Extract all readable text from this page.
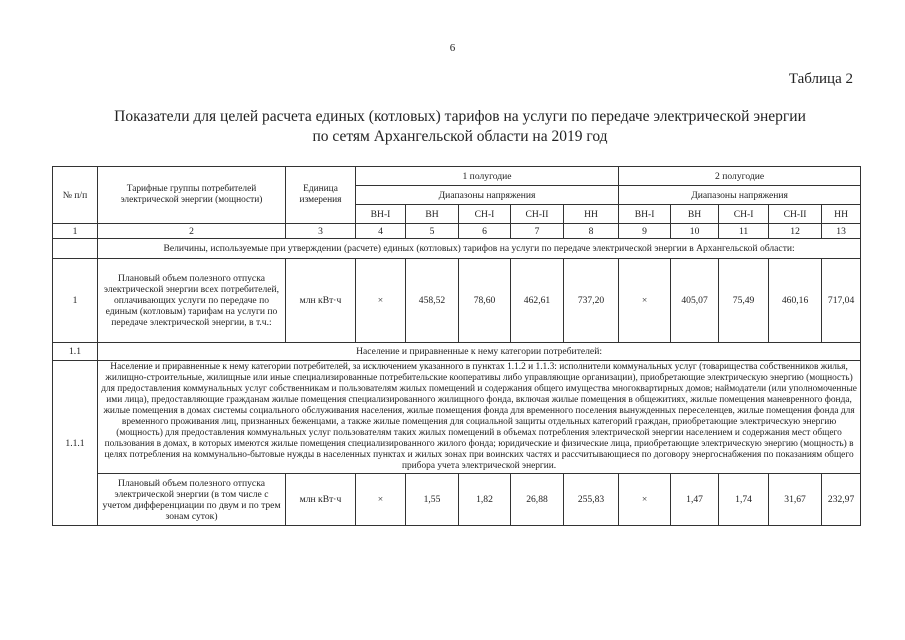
6
Таблица 2
Показатели для целей расчета единых (котловых) тарифов на услуги по передаче электрической энергии
по сетям Архангельской области на 2019 год
№ п/п	Тарифные группы потребителей электрической энергии (мощности)	Единица измерения	1 полугодие					2 полугодие				
			Диапазоны напряжения					Диапазоны напряжения				
			ВН-I	ВН	СН-I	СН-II	НН	ВН-I	ВН	СН-I	СН-II	НН
1	2	3	4	5	6	7	8	9	10	11	12	13
	Величины, используемые при утверждении (расчете) единых (котловых) тарифов на услуги по передаче электрической энергии в Архангельской области:											
1	Плановый объем полезного отпуска электрической энергии всех потребителей, оплачивающих услуги по передаче по единым (котловым) тарифам на услуги по передаче электрической энергии, в т.ч.:	млн кВт·ч	×	458,52	78,60	462,61	737,20	×	405,07	75,49	460,16	717,04
1.1	Население и приравненные к нему категории потребителей:											
1.1.1	Население и приравненные к нему категории потребителей, за исключением указанного в пунктах 1.1.2 и 1.1.3: исполнители коммунальных услуг (товарищества собственников жилья, жилищно-строительные, жилищные или иные специализированные потребительские кооперативы либо управляющие организации), приобретающие электрическую энергию (мощность) для предоставления коммунальных услуг собственникам и пользователям жилых помещений и содержания общего имущества многоквартирных домов; наймодатели (или уполномоченные ими лица), предоставляющие гражданам жилые помещения специализированного жилищного фонда, включая жилые помещения в общежитиях, жилые помещения маневренного фонда, жилые помещения в домах системы социального обслуживания населения, жилые помещения фонда для временного поселения вынужденных переселенцев, жилые помещения фонда для временного проживания лиц, признанных беженцами, а также жилые помещения для социальной защиты отдельных категорий граждан, приобретающие электрическую энергию (мощность) для предоставления коммунальных услуг пользователям таких жилых помещений в объемах потребления электрической энергии населением и содержания мест общего пользования в домах, в которых имеются жилые помещения специализированного жилого фонда; юридические и физические лица, приобретающие электрическую энергию (мощность) в целях потребления на коммунально-бытовые нужды в населенных пунктах и жилых зонах при воинских частях и рассчитывающиеся по договору энергоснабжения по показаниям общего прибора учета электрической энергии.											
	Плановый объем полезного отпуска электрической энергии (в том числе с учетом дифференциации по двум и по трем зонам суток)	млн кВт·ч	×	1,55	1,82	26,88	255,83	×	1,47	1,74	31,67	232,97
